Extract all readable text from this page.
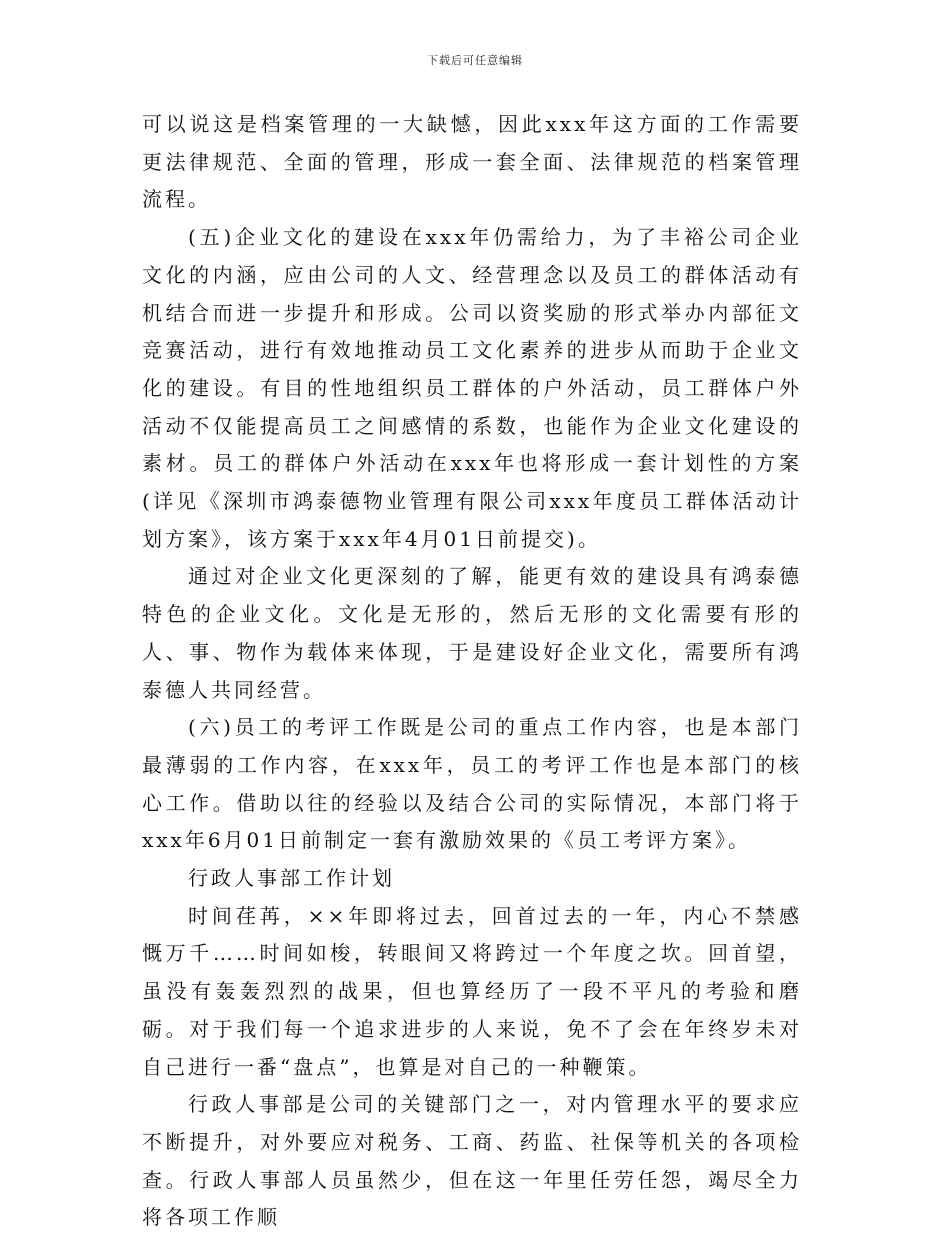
下载后可任意编辑

可以说这是档案管理的一大缺憾，因此xxx年这方面的工作需要更法律规范、全面的管理，形成一套全面、法律规范的档案管理流程。

(五)企业文化的建设在xxx年仍需给力，为了丰裕公司企业文化的内涵，应由公司的人文、经营理念以及员工的群体活动有机结合而进一步提升和形成。公司以资奖励的形式举办内部征文竞赛活动，进行有效地推动员工文化素养的进步从而助于企业文化的建设。有目的性地组织员工群体的户外活动，员工群体户外活动不仅能提高员工之间感情的系数，也能作为企业文化建设的素材。员工的群体户外活动在xxx年也将形成一套计划性的方案(详见《深圳市鸿泰德物业管理有限公司xxx年度员工群体活动计划方案》，该方案于xxx年4月01日前提交)。

通过对企业文化更深刻的了解，能更有效的建设具有鸿泰德特色的企业文化。文化是无形的，然后无形的文化需要有形的人、事、物作为载体来体现，于是建设好企业文化，需要所有鸿泰德人共同经营。

(六)员工的考评工作既是公司的重点工作内容，也是本部门最薄弱的工作内容，在xxx年，员工的考评工作也是本部门的核心工作。借助以往的经验以及结合公司的实际情况，本部门将于xxx年6月01日前制定一套有激励效果的《员工考评方案》。

行政人事部工作计划

时间荏苒，××年即将过去，回首过去的一年，内心不禁感慨万千……时间如梭，转眼间又将跨过一个年度之坎。回首望，虽没有轰轰烈烈的战果，但也算经历了一段不平凡的考验和磨砺。对于我们每一个追求进步的人来说，免不了会在年终岁未对自己进行一番“盘点”，也算是对自己的一种鞭策。

行政人事部是公司的关键部门之一，对内管理水平的要求应不断提升，对外要应对税务、工商、药监、社保等机关的各项检查。行政人事部人员虽然少，但在这一年里任劳任怨，竭尽全力将各项工作顺
